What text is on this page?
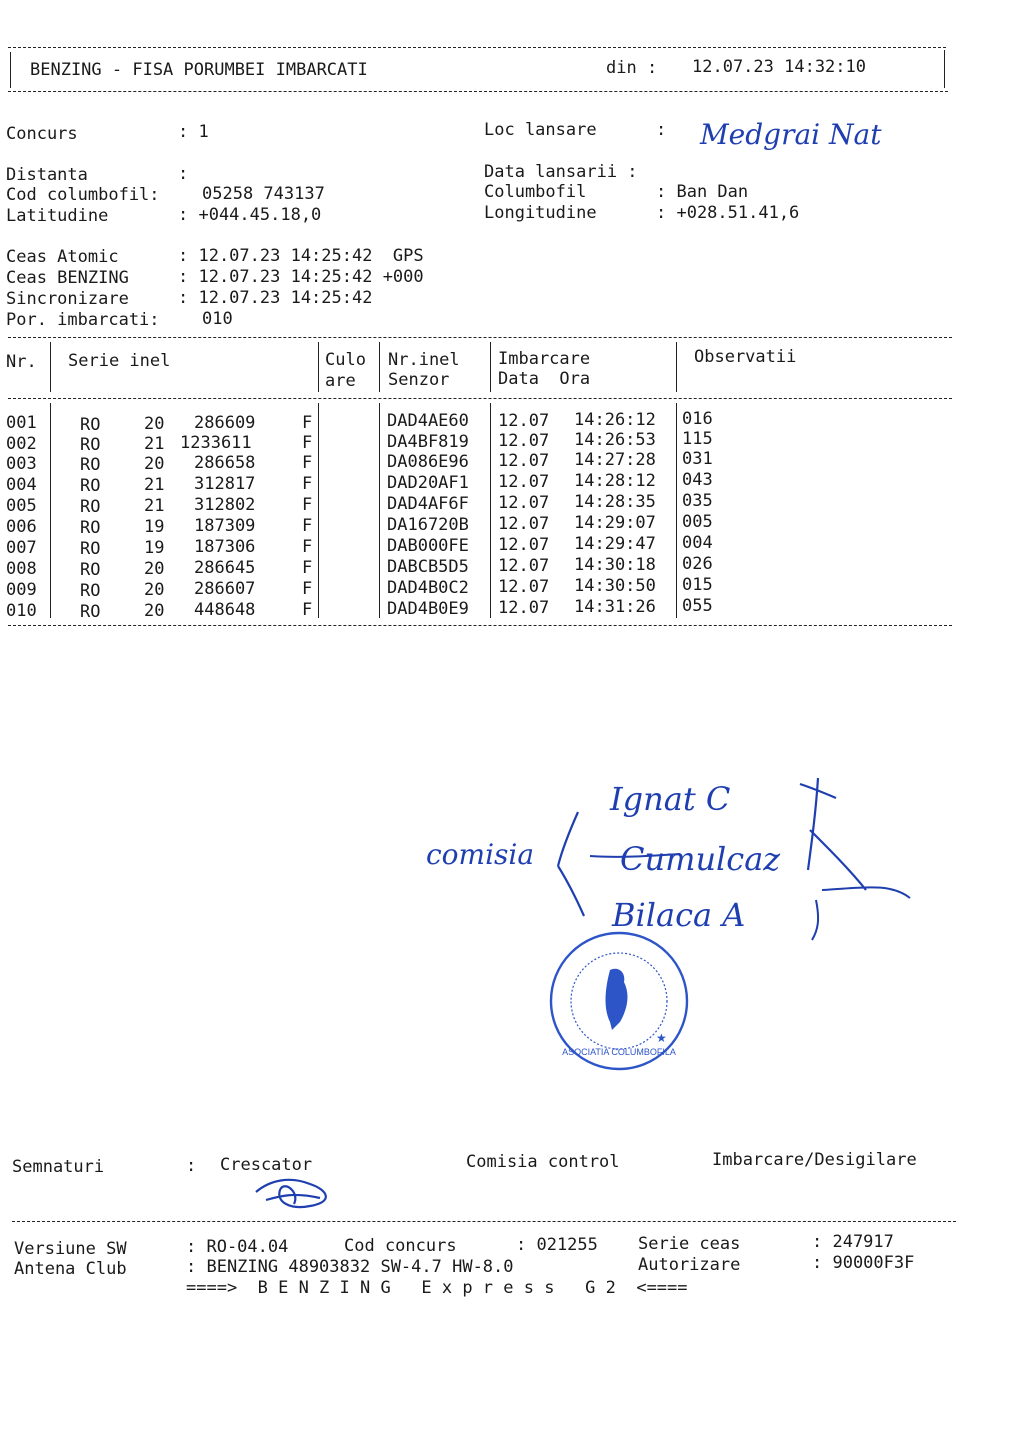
BENZING - FISA PORUMBEI IMBARCATI	din : 12.07.23 14:32:10
Concurs	: 1	Loc lansare	: Medgrai Nat
Distanta	:	Data lansarii :
Cod columbofil: 05258 743137	Columbofil	: Ban Dan
Latitudine	: +044.45.18,0	Longitudine	: +028.51.41,6
Ceas Atomic	: 12.07.23 14:25:42  GPS
Ceas BENZING	: 12.07.23 14:25:42 +000
Sincronizare	: 12.07.23 14:25:42
Por. imbarcati: 010
Nr. Serie inel	Culo
are
Nr.inel
Senzor
Imbarcare
Data  Ora
Observatii
001	RO	20 286609	F	DAD4AE60 12.07 14:26:12 016
002	RO	21 1233611	F	DA4BF819 12.07 14:26:53 115
003	RO	20 286658	F	DA086E96 12.07 14:27:28 031
004	RO	21 312817	F	DAD20AF1 12.07 14:28:12 043
005	RO	21 312802	F	DAD4AF6F 12.07 14:28:35 035
006	RO	19 187309	F	DA16720B 12.07 14:29:07 005
007	RO	19 187306	F	DAB000FE 12.07 14:29:47 004
008	RO	20 286645	F	DABCB5D5 12.07 14:30:18 026
009	RO	20 286607	F	DAD4B0C2 12.07 14:30:50 015
010	RO	20 448648	F	DAD4B0E9 12.07 14:31:26 055
comisia
Ignat C
Cumulcaz
Bilaca A
ASOCIATIA COLUMBOFILA
★
Semnaturi	: Crescator	Comisia control	Imbarcare/Desigilare
Versiune SW	: RO-04.04	Cod concurs	: 021255 Serie ceas	: 247917
Antena Club	: BENZING 48903832 SW-4.7 HW-8.0	Autorizare	: 90000F3F
====>  B E N Z I N G   E x p r e s s   G 2  <====
